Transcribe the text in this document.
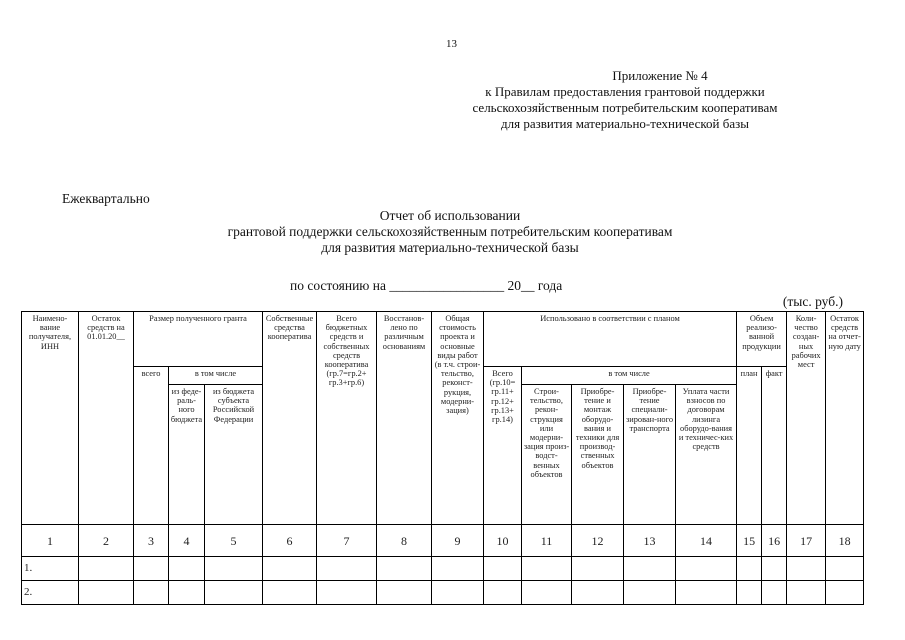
13
Приложение № 4
к Правилам предоставления грантовой поддержки
сельскохозяйственным потребительским кооперативам
для развития материально-технической базы
Ежеквартально
Отчет об использовании
грантовой поддержки сельскохозяйственным потребительским кооперативам
для развития материально-технической базы
по состоянию на _________________ 20__ года
(тыс. руб.)
Наимено-вание получателя, ИНН	Остаток средств на 01.01.20__	Размер полученного гранта			Собственные средства кооператива	Всего бюджетных средств и собственных средств кооператива (гр.7=гр.2+ гр.3+гр.6)	Восстанов-лено по различным основаниям	Общая стоимость проекта и основные виды работ (в т.ч. строи-тельство, реконст-рукция, модерни-зация)	Использовано в соответствии с планом					Объем реализо-ванной продукции		Коли-чество создан-ных рабочих мест	Остаток средств на отчет-ную дату
		всего	в том числе						Всего (гр.10= гр.11+ гр.12+ гр.13+ гр.14)	в том числе				план	факт		
			из феде-раль-ного бюджета	из бюджета субъекта Российской Федерации						Строи-тельство, рекон-струкция или модерни-зация произ-водст-венных объектов	Приобре-тение и монтаж оборудо-вания и техники для производ-ственных объектов	Приобре-тение специали-зирован-ного транспорта	Уплата части взносов по договорам лизинга оборудо-вания и техничес-ких средств				
1	2	3	4	5	6	7	8	9	10	11	12	13	14	15	16	17	18
1.																	
2.																	
